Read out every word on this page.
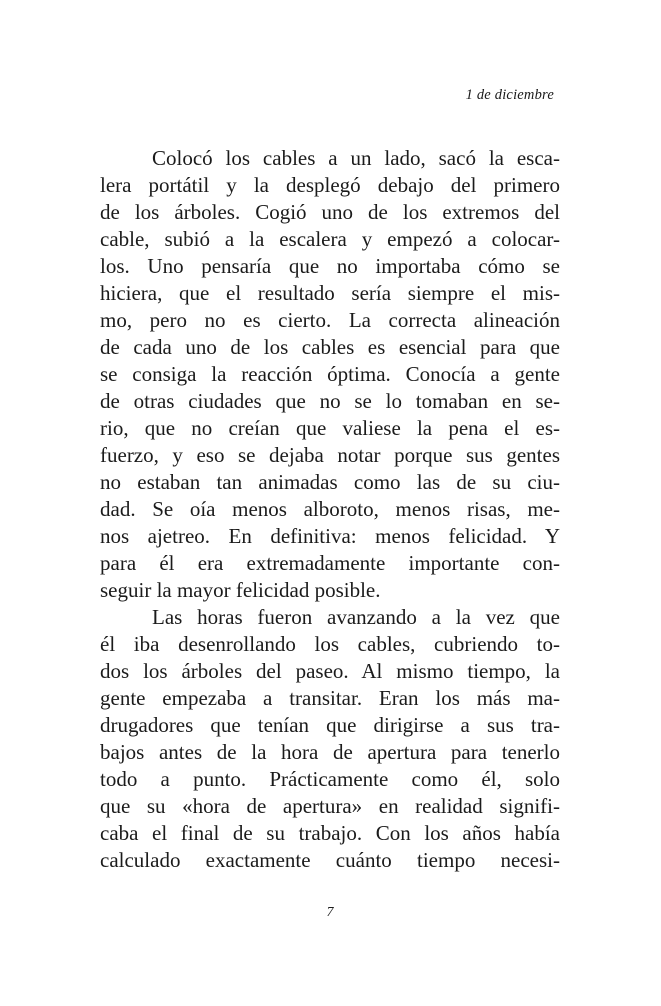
1 de diciembre
Colocó los cables a un lado, sacó la esca-
lera portátil y la desplegó debajo del primero
de los árboles. Cogió uno de los extremos del
cable, subió a la escalera y empezó a colocar-
los. Uno pensaría que no importaba cómo se
hiciera, que el resultado sería siempre el mis-
mo, pero no es cierto. La correcta alineación
de cada uno de los cables es esencial para que
se consiga la reacción óptima. Conocía a gente
de otras ciudades que no se lo tomaban en se-
rio, que no creían que valiese la pena el es-
fuerzo, y eso se dejaba notar porque sus gentes
no estaban tan animadas como las de su ciu-
dad. Se oía menos alboroto, menos risas, me-
nos ajetreo. En definitiva: menos felicidad. Y
para él era extremadamente importante con-
seguir la mayor felicidad posible.
Las horas fueron avanzando a la vez que
él iba desenrollando los cables, cubriendo to-
dos los árboles del paseo. Al mismo tiempo, la
gente empezaba a transitar. Eran los más ma-
drugadores que tenían que dirigirse a sus tra-
bajos antes de la hora de apertura para tenerlo
todo a punto. Prácticamente como él, solo
que su «hora de apertura» en realidad signifi-
caba el final de su trabajo. Con los años había
calculado exactamente cuánto tiempo necesi-
7
